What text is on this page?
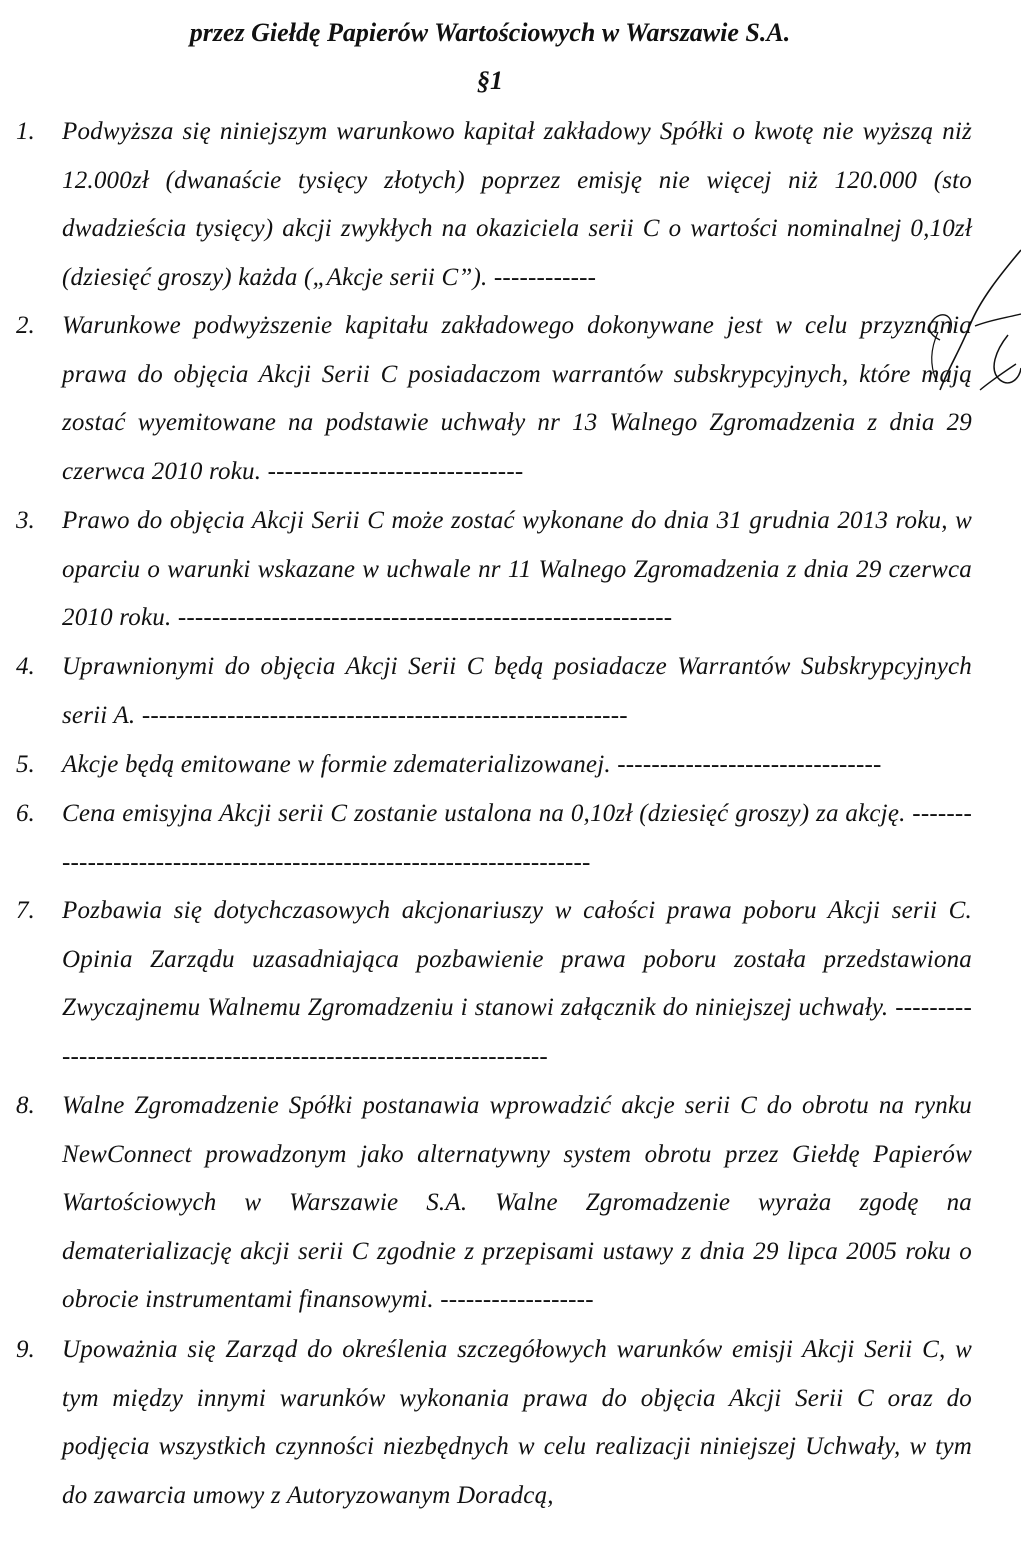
przez Giełdę Papierów Wartościowych w Warszawie S.A.
§1
1. Podwyższa się niniejszym warunkowo kapitał zakładowy Spółki o kwotę nie wyższą niż 12.000zł (dwanaście tysięcy złotych) poprzez emisję nie więcej niż 120.000 (sto dwadzieścia tysięcy) akcji zwykłych na okaziciela serii C o wartości nominalnej 0,10zł (dziesięć groszy) każda („Akcje serii C”). ------------
2. Warunkowe podwyższenie kapitału zakładowego dokonywane jest w celu przyznania prawa do objęcia Akcji Serii C posiadaczom warrantów subskrypcyjnych, które mają zostać wyemitowane na podstawie uchwały nr 13 Walnego Zgromadzenia z dnia 29 czerwca 2010 roku. ------------------------------
3. Prawo do objęcia Akcji Serii C może zostać wykonane do dnia 31 grudnia 2013 roku, w oparciu o warunki wskazane w uchwale nr 11 Walnego Zgromadzenia z dnia 29 czerwca 2010 roku. ----------------------------------------------------------
4. Uprawnionymi do objęcia Akcji Serii C będą posiadacze Warrantów Subskrypcyjnych serii A. ---------------------------------------------------------
5. Akcje będą emitowane w formie zdematerializowanej. -------------------------------
6. Cena emisyjna Akcji serii C zostanie ustalona na 0,10zł (dziesięć groszy) za akcję. ---------------------------------------------------------------------
7. Pozbawia się dotychczasowych akcjonariuszy w całości prawa poboru Akcji serii C. Opinia Zarządu uzasadniająca pozbawienie prawa poboru została przedstawiona Zwyczajnemu Walnemu Zgromadzeniu i stanowi załącznik do niniejszej uchwały. ------------------------------------------------------------------
8. Walne Zgromadzenie Spółki postanawia wprowadzić akcje serii C do obrotu na rynku NewConnect prowadzonym jako alternatywny system obrotu przez Giełdę Papierów Wartościowych w Warszawie S.A. Walne Zgromadzenie wyraża zgodę na dematerializację akcji serii C zgodnie z przepisami ustawy z dnia 29 lipca 2005 roku o obrocie instrumentami finansowymi. ------------------
9. Upoważnia się Zarząd do określenia szczegółowych warunków emisji Akcji Serii C, w tym między innymi warunków wykonania prawa do objęcia Akcji Serii C oraz do podjęcia wszystkich czynności niezbędnych w celu realizacji niniejszej Uchwały, w tym do zawarcia umowy z Autoryzowanym Doradcą,
